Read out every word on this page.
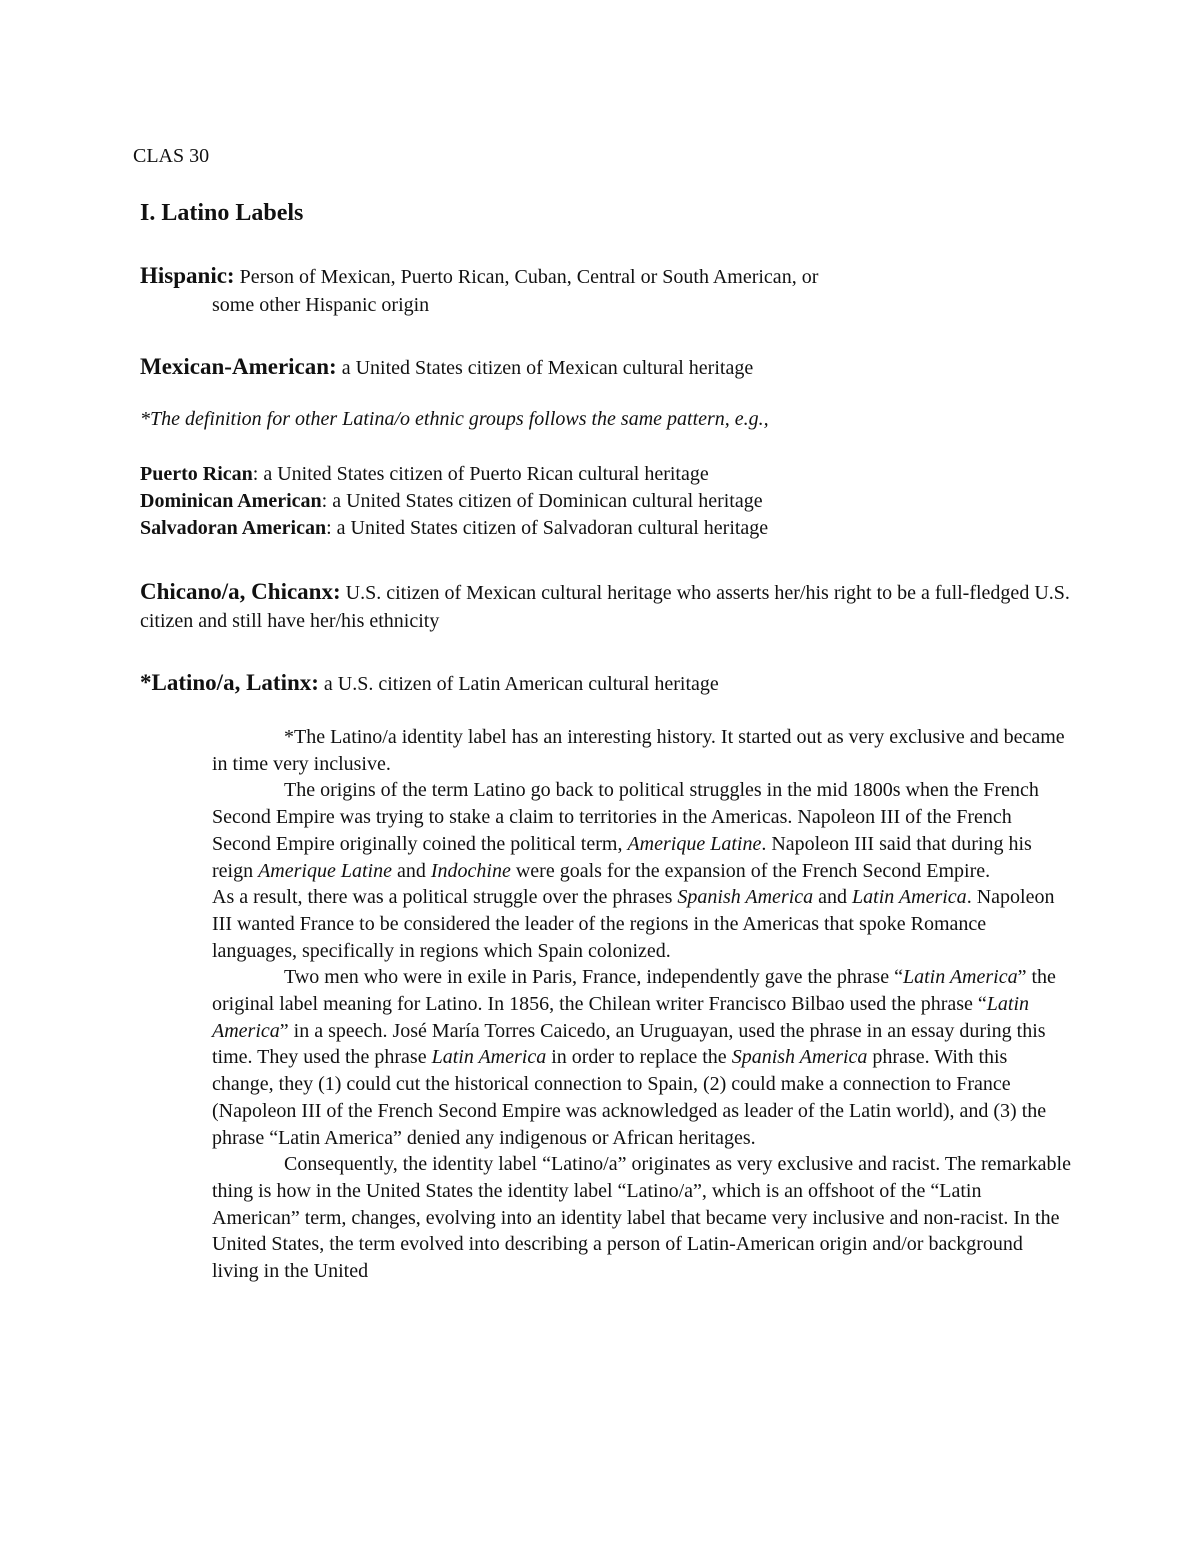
CLAS 30
I. Latino Labels
Hispanic: Person of Mexican, Puerto Rican, Cuban, Central or South American, or
some other Hispanic origin
Mexican-American: a United States citizen of Mexican cultural heritage
*The definition for other Latina/o ethnic groups follows the same pattern, e.g.,
Puerto Rican: a United States citizen of Puerto Rican cultural heritage
Dominican American: a United States citizen of Dominican cultural heritage
Salvadoran American: a United States citizen of Salvadoran cultural heritage
Chicano/a, Chicanx: U.S. citizen of Mexican cultural heritage who asserts her/his right to be a full-fledged U.S. citizen and still have her/his ethnicity
*Latino/a, Latinx: a U.S. citizen of Latin American cultural heritage

*The Latino/a identity label has an interesting history. It started out as very exclusive and became in time very inclusive.

The origins of the term Latino go back to political struggles in the mid 1800s when the French Second Empire was trying to stake a claim to territories in the Americas. Napoleon III of the French Second Empire originally coined the political term, Amerique Latine. Napoleon III said that during his reign Amerique Latine and Indochine were goals for the expansion of the French Second Empire.

As a result, there was a political struggle over the phrases Spanish America and Latin America. Napoleon III wanted France to be considered the leader of the regions in the Americas that spoke Romance languages, specifically in regions which Spain colonized.

Two men who were in exile in Paris, France, independently gave the phrase “Latin America” the original label meaning for Latino. In 1856, the Chilean writer Francisco Bilbao used the phrase “Latin America” in a speech. José María Torres Caicedo, an Uruguayan, used the phrase in an essay during this time. They used the phrase Latin America in order to replace the Spanish America phrase. With this change, they (1) could cut the historical connection to Spain, (2) could make a connection to France (Napoleon III of the French Second Empire was acknowledged as leader of the Latin world), and (3) the phrase “Latin America” denied any indigenous or African heritages.

Consequently, the identity label “Latino/a” originates as very exclusive and racist. The remarkable thing is how in the United States the identity label “Latino/a”, which is an offshoot of the “Latin American” term, changes, evolving into an identity label that became very inclusive and non-racist. In the United States, the term evolved into describing a person of Latin-American origin and/or background living in the United
